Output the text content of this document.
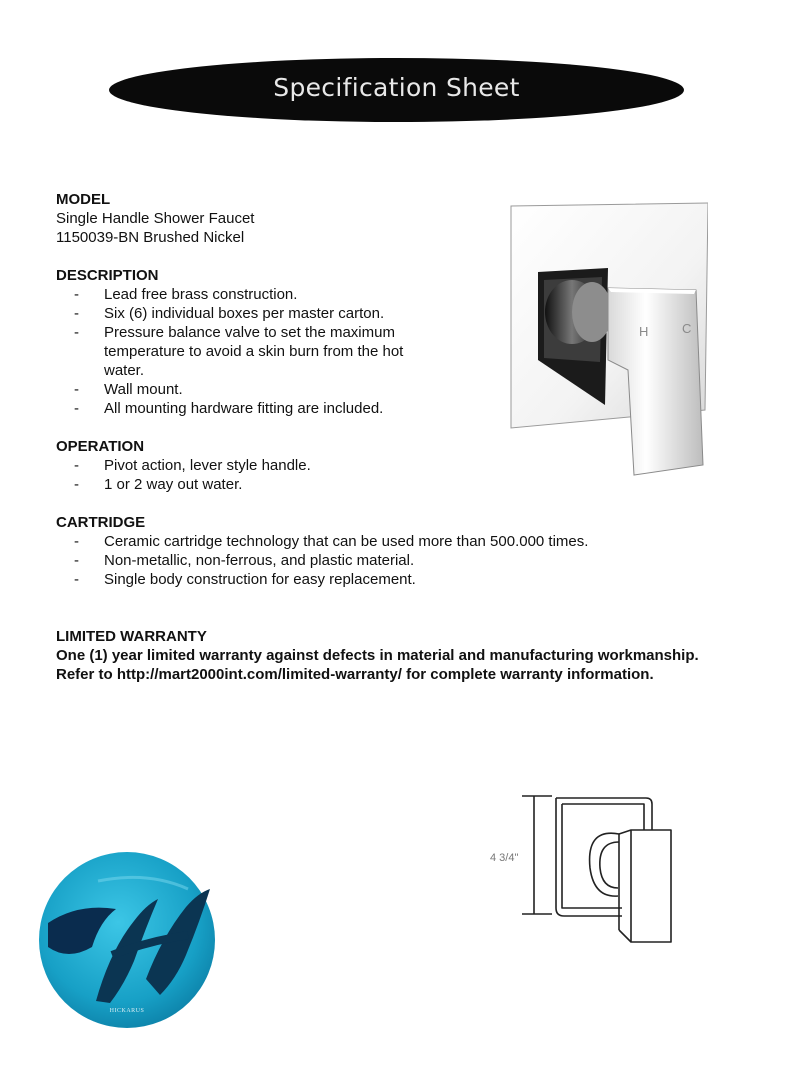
Specification Sheet

MODEL

Single Handle Shower Faucet

1150039-BN Brushed Nickel

DESCRIPTION

- Lead free brass construction.
- Six (6) individual boxes per master carton.
- Pressure balance valve to set the maximum temperature to avoid a skin burn from the hot water.
- Wall mount.
- All mounting hardware fitting are included.

OPERATION

- Pivot action, lever style handle.
- 1 or 2 way out water.

CARTRIDGE

- Ceramic cartridge technology that can be used more than 500.000 times.
- Non-metallic, non-ferrous, and plastic material.
- Single body construction for easy replacement.

LIMITED WARRANTY

One (1) year limited warranty against defects in material and manufacturing workmanship.

Refer to http://mart2000int.com/limited-warranty/ for complete warranty information.

H	C
4 3/4"
HICKARUS
